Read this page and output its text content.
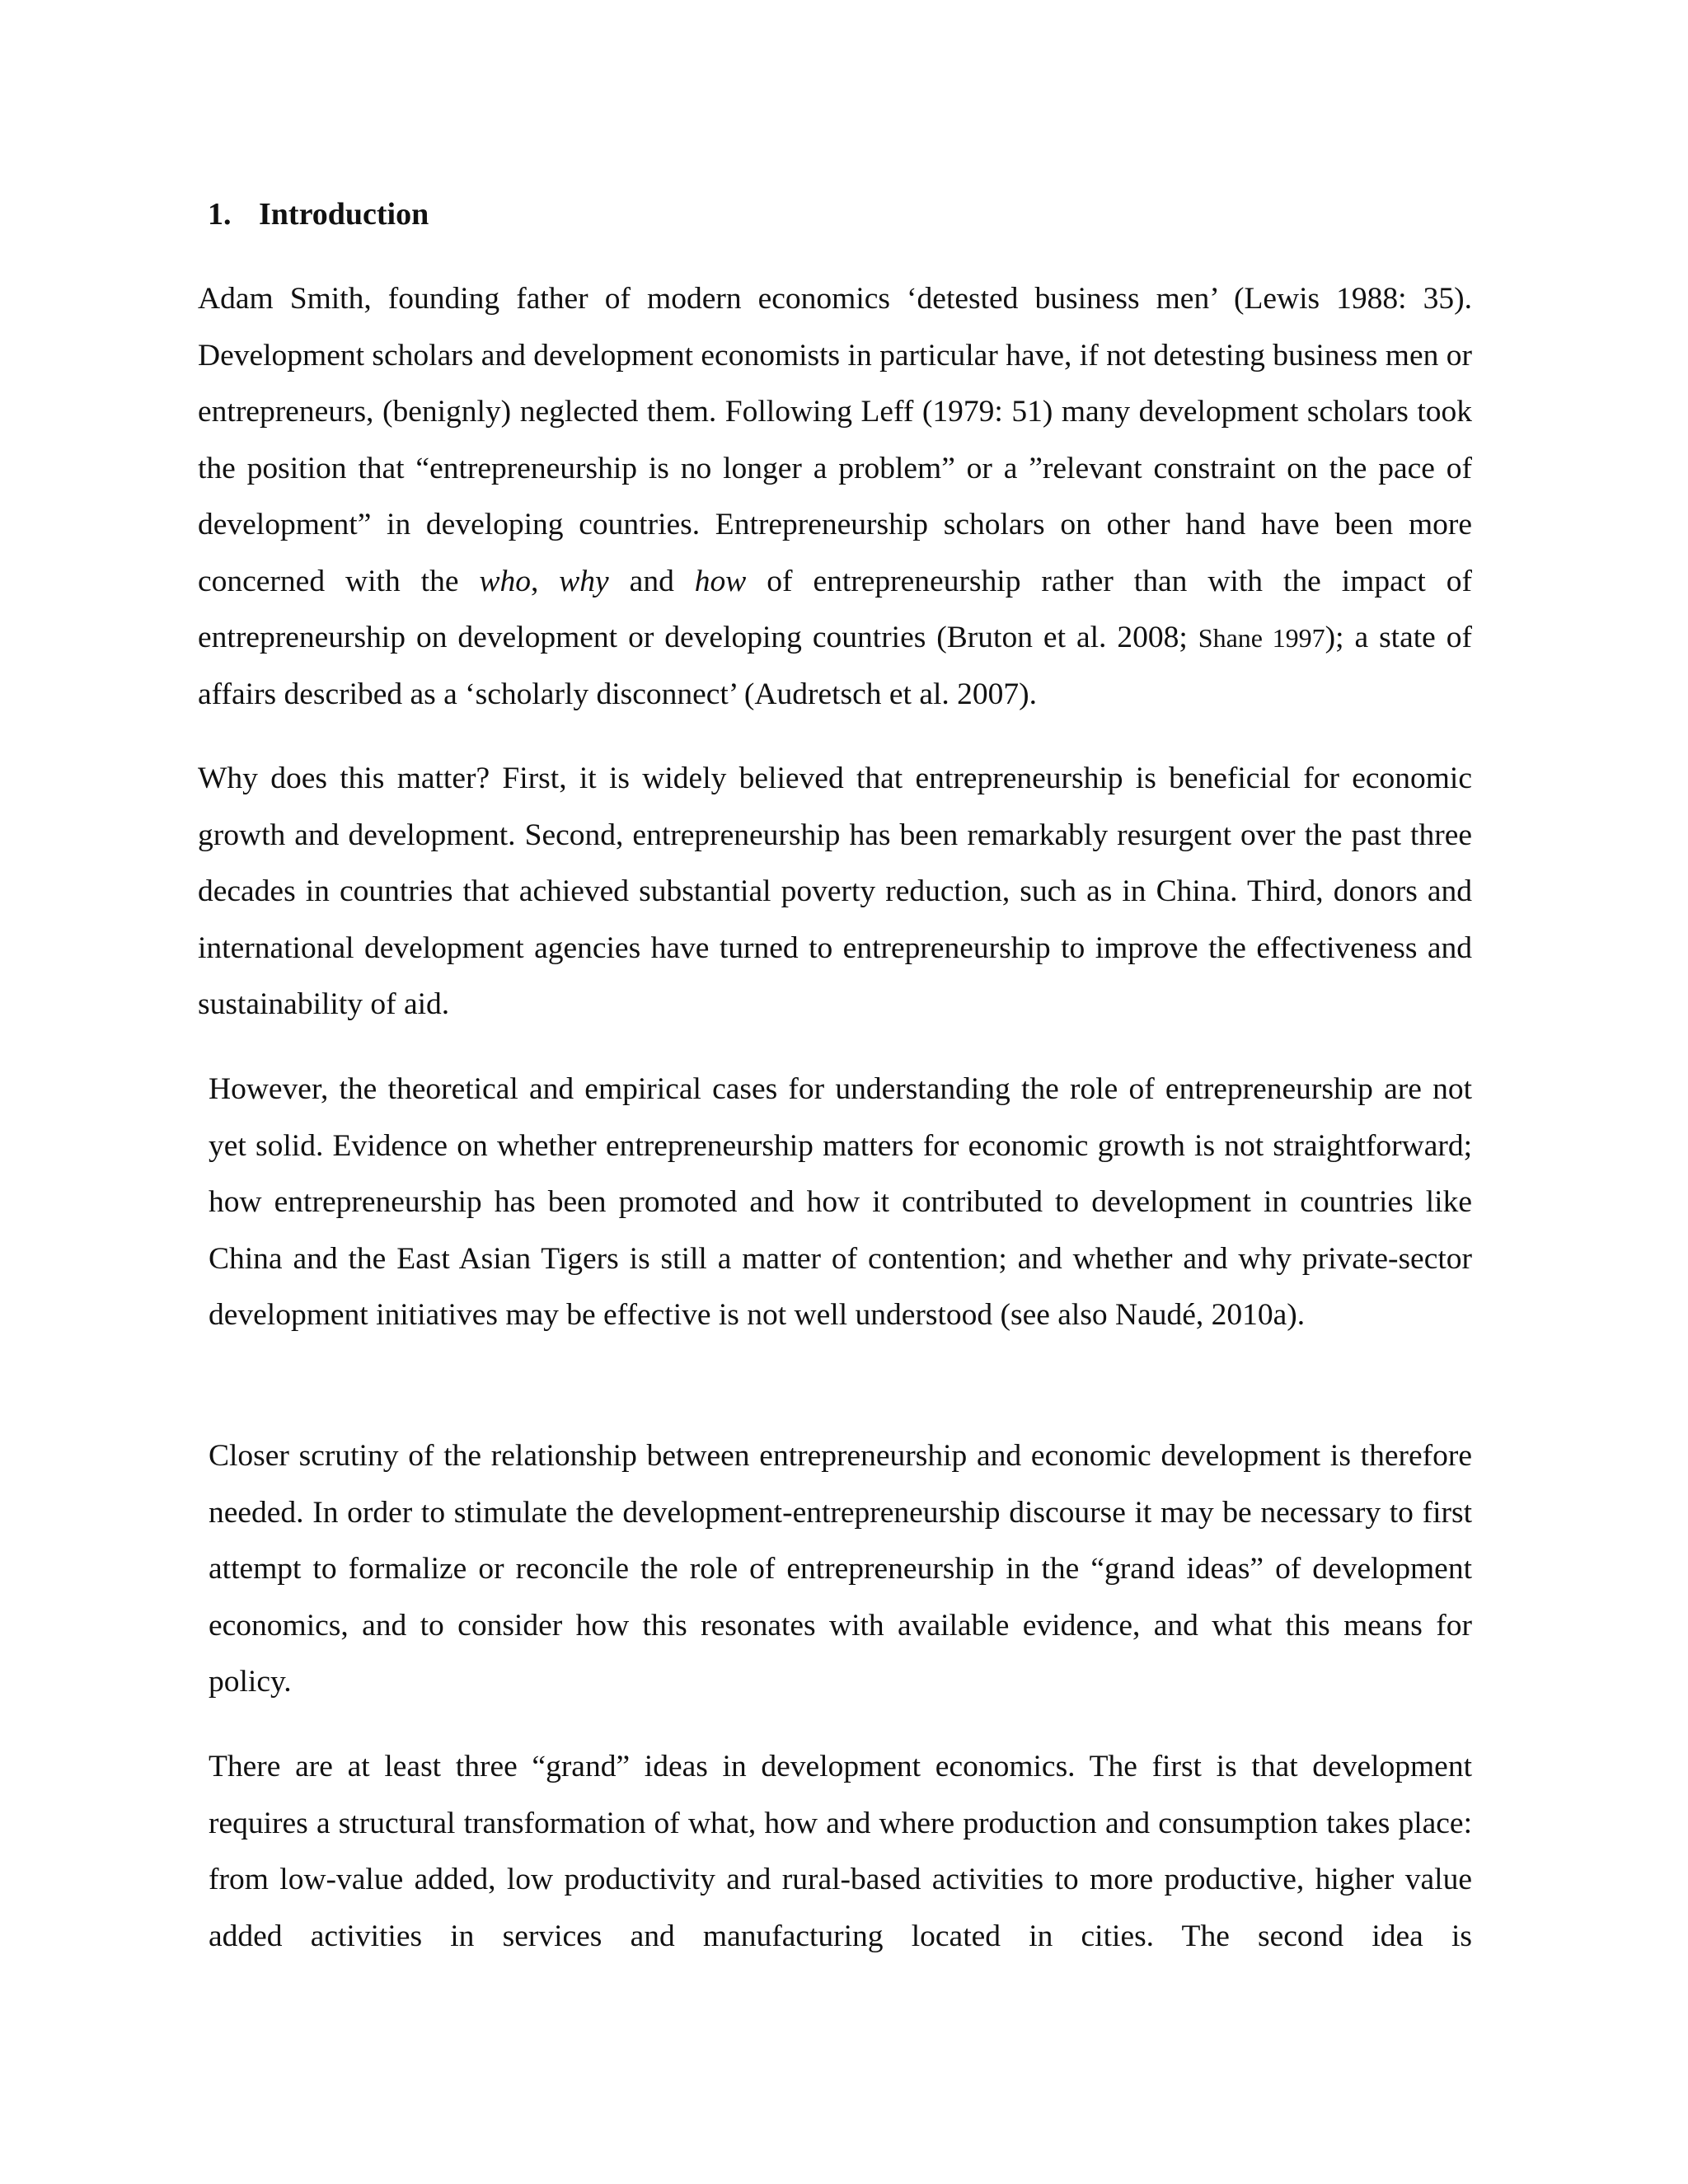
1. Introduction

Adam Smith, founding father of modern economics ‘detested business men’ (Lewis 1988: 35). Development scholars and development economists in particular have, if not detesting business men or entrepreneurs, (benignly) neglected them. Following Leff (1979: 51) many development scholars took the position that “entrepreneurship is no longer a problem” or a ”relevant constraint on the pace of development” in developing countries. Entrepreneurship scholars on other hand have been more concerned with the who, why and how of entrepreneurship rather than with the impact of entrepreneurship on development or developing countries (Bruton et al. 2008; Shane 1997); a state of affairs described as a ‘scholarly disconnect’ (Audretsch et al. 2007).

Why does this matter? First, it is widely believed that entrepreneurship is beneficial for economic growth and development. Second, entrepreneurship has been remarkably resurgent over the past three decades in countries that achieved substantial poverty reduction, such as in China. Third, donors and international development agencies have turned to entrepreneurship to improve the effectiveness and sustainability of aid.

However, the theoretical and empirical cases for understanding the role of entrepreneurship are not yet solid. Evidence on whether entrepreneurship matters for economic growth is not straightforward; how entrepreneurship has been promoted and how it contributed to development in countries like China and the East Asian Tigers is still a matter of contention; and whether and why private-sector development initiatives may be effective is not well understood (see also Naudé, 2010a).

Closer scrutiny of the relationship between entrepreneurship and economic development is therefore needed. In order to stimulate the development-entrepreneurship discourse it may be necessary to first attempt to formalize or reconcile the role of entrepreneurship in the “grand ideas” of development economics, and to consider how this resonates with available evidence, and what this means for policy.

There are at least three “grand” ideas in development economics. The first is that development requires a structural transformation of what, how and where production and consumption takes place: from low-value added, low productivity and rural-based activities to more productive, higher value added activities in services and manufacturing located in cities. The second idea is
